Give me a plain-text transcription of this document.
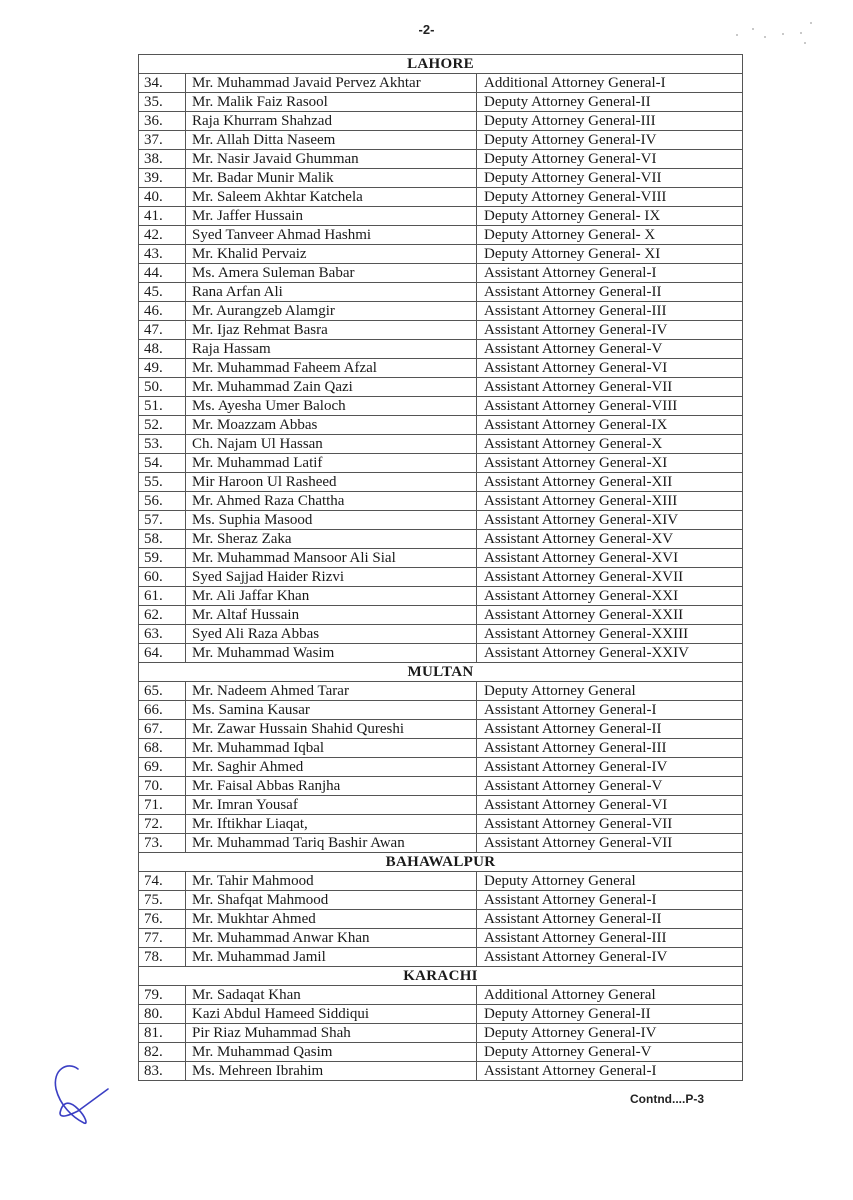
-2-
LAHORE		
34.	Mr. Muhammad Javaid Pervez Akhtar	Additional Attorney General-I
35.	Mr. Malik Faiz Rasool	Deputy Attorney General-II
36.	Raja Khurram Shahzad	Deputy Attorney General-III
37.	Mr. Allah Ditta Naseem	Deputy Attorney General-IV
38.	Mr. Nasir Javaid Ghumman	Deputy Attorney General-VI
39.	Mr. Badar Munir Malik	Deputy Attorney General-VII
40.	Mr. Saleem Akhtar Katchela	Deputy Attorney General-VIII
41.	Mr. Jaffer Hussain	Deputy Attorney General- IX
42.	Syed Tanveer Ahmad Hashmi	Deputy Attorney General- X
43.	Mr. Khalid Pervaiz	Deputy Attorney General- XI
44.	Ms. Amera Suleman Babar	Assistant Attorney General-I
45.	Rana Arfan Ali	Assistant Attorney General-II
46.	Mr. Aurangzeb Alamgir	Assistant Attorney General-III
47.	Mr. Ijaz Rehmat Basra	Assistant Attorney General-IV
48.	Raja Hassam	Assistant Attorney General-V
49.	Mr. Muhammad Faheem Afzal	Assistant Attorney General-VI
50.	Mr. Muhammad Zain Qazi	Assistant Attorney General-VII
51.	Ms. Ayesha Umer Baloch	Assistant Attorney General-VIII
52.	Mr. Moazzam Abbas	Assistant Attorney General-IX
53.	Ch. Najam Ul Hassan	Assistant Attorney General-X
54.	Mr. Muhammad Latif	Assistant Attorney General-XI
55.	Mir Haroon Ul Rasheed	Assistant Attorney General-XII
56.	Mr. Ahmed Raza Chattha	Assistant Attorney General-XIII
57.	Ms. Suphia Masood	Assistant Attorney General-XIV
58.	Mr. Sheraz Zaka	Assistant Attorney General-XV
59.	Mr. Muhammad Mansoor Ali Sial	Assistant Attorney General-XVI
60.	Syed Sajjad Haider Rizvi	Assistant Attorney General-XVII
61.	Mr. Ali Jaffar Khan	Assistant Attorney General-XXI
62.	Mr. Altaf Hussain	Assistant Attorney General-XXII
63.	Syed Ali Raza Abbas	Assistant Attorney General-XXIII
64.	Mr. Muhammad Wasim	Assistant Attorney General-XXIV
MULTAN		
65.	Mr. Nadeem Ahmed Tarar	Deputy Attorney General
66.	Ms. Samina Kausar	Assistant Attorney General-I
67.	Mr. Zawar Hussain Shahid Qureshi	Assistant Attorney General-II
68.	Mr. Muhammad Iqbal	Assistant Attorney General-III
69.	Mr. Saghir Ahmed	Assistant Attorney General-IV
70.	Mr. Faisal Abbas Ranjha	Assistant Attorney General-V
71.	Mr. Imran Yousaf	Assistant Attorney General-VI
72.	Mr. Iftikhar Liaqat,	Assistant Attorney General-VII
73.	Mr. Muhammad Tariq Bashir Awan	Assistant Attorney General-VII
BAHAWALPUR		
74.	Mr. Tahir Mahmood	Deputy Attorney General
75.	Mr. Shafqat Mahmood	Assistant Attorney General-I
76.	Mr. Mukhtar Ahmed	Assistant Attorney General-II
77.	Mr. Muhammad Anwar Khan	Assistant Attorney General-III
78.	Mr. Muhammad Jamil	Assistant Attorney General-IV
KARACHI		
79.	Mr. Sadaqat Khan	Additional Attorney General
80.	Kazi Abdul Hameed Siddiqui	Deputy Attorney General-II
81.	Pir Riaz Muhammad Shah	Deputy Attorney General-IV
82.	Mr. Muhammad Qasim	Deputy Attorney General-V
83.	Ms. Mehreen Ibrahim	Assistant Attorney General-I
Contnd....P-3
